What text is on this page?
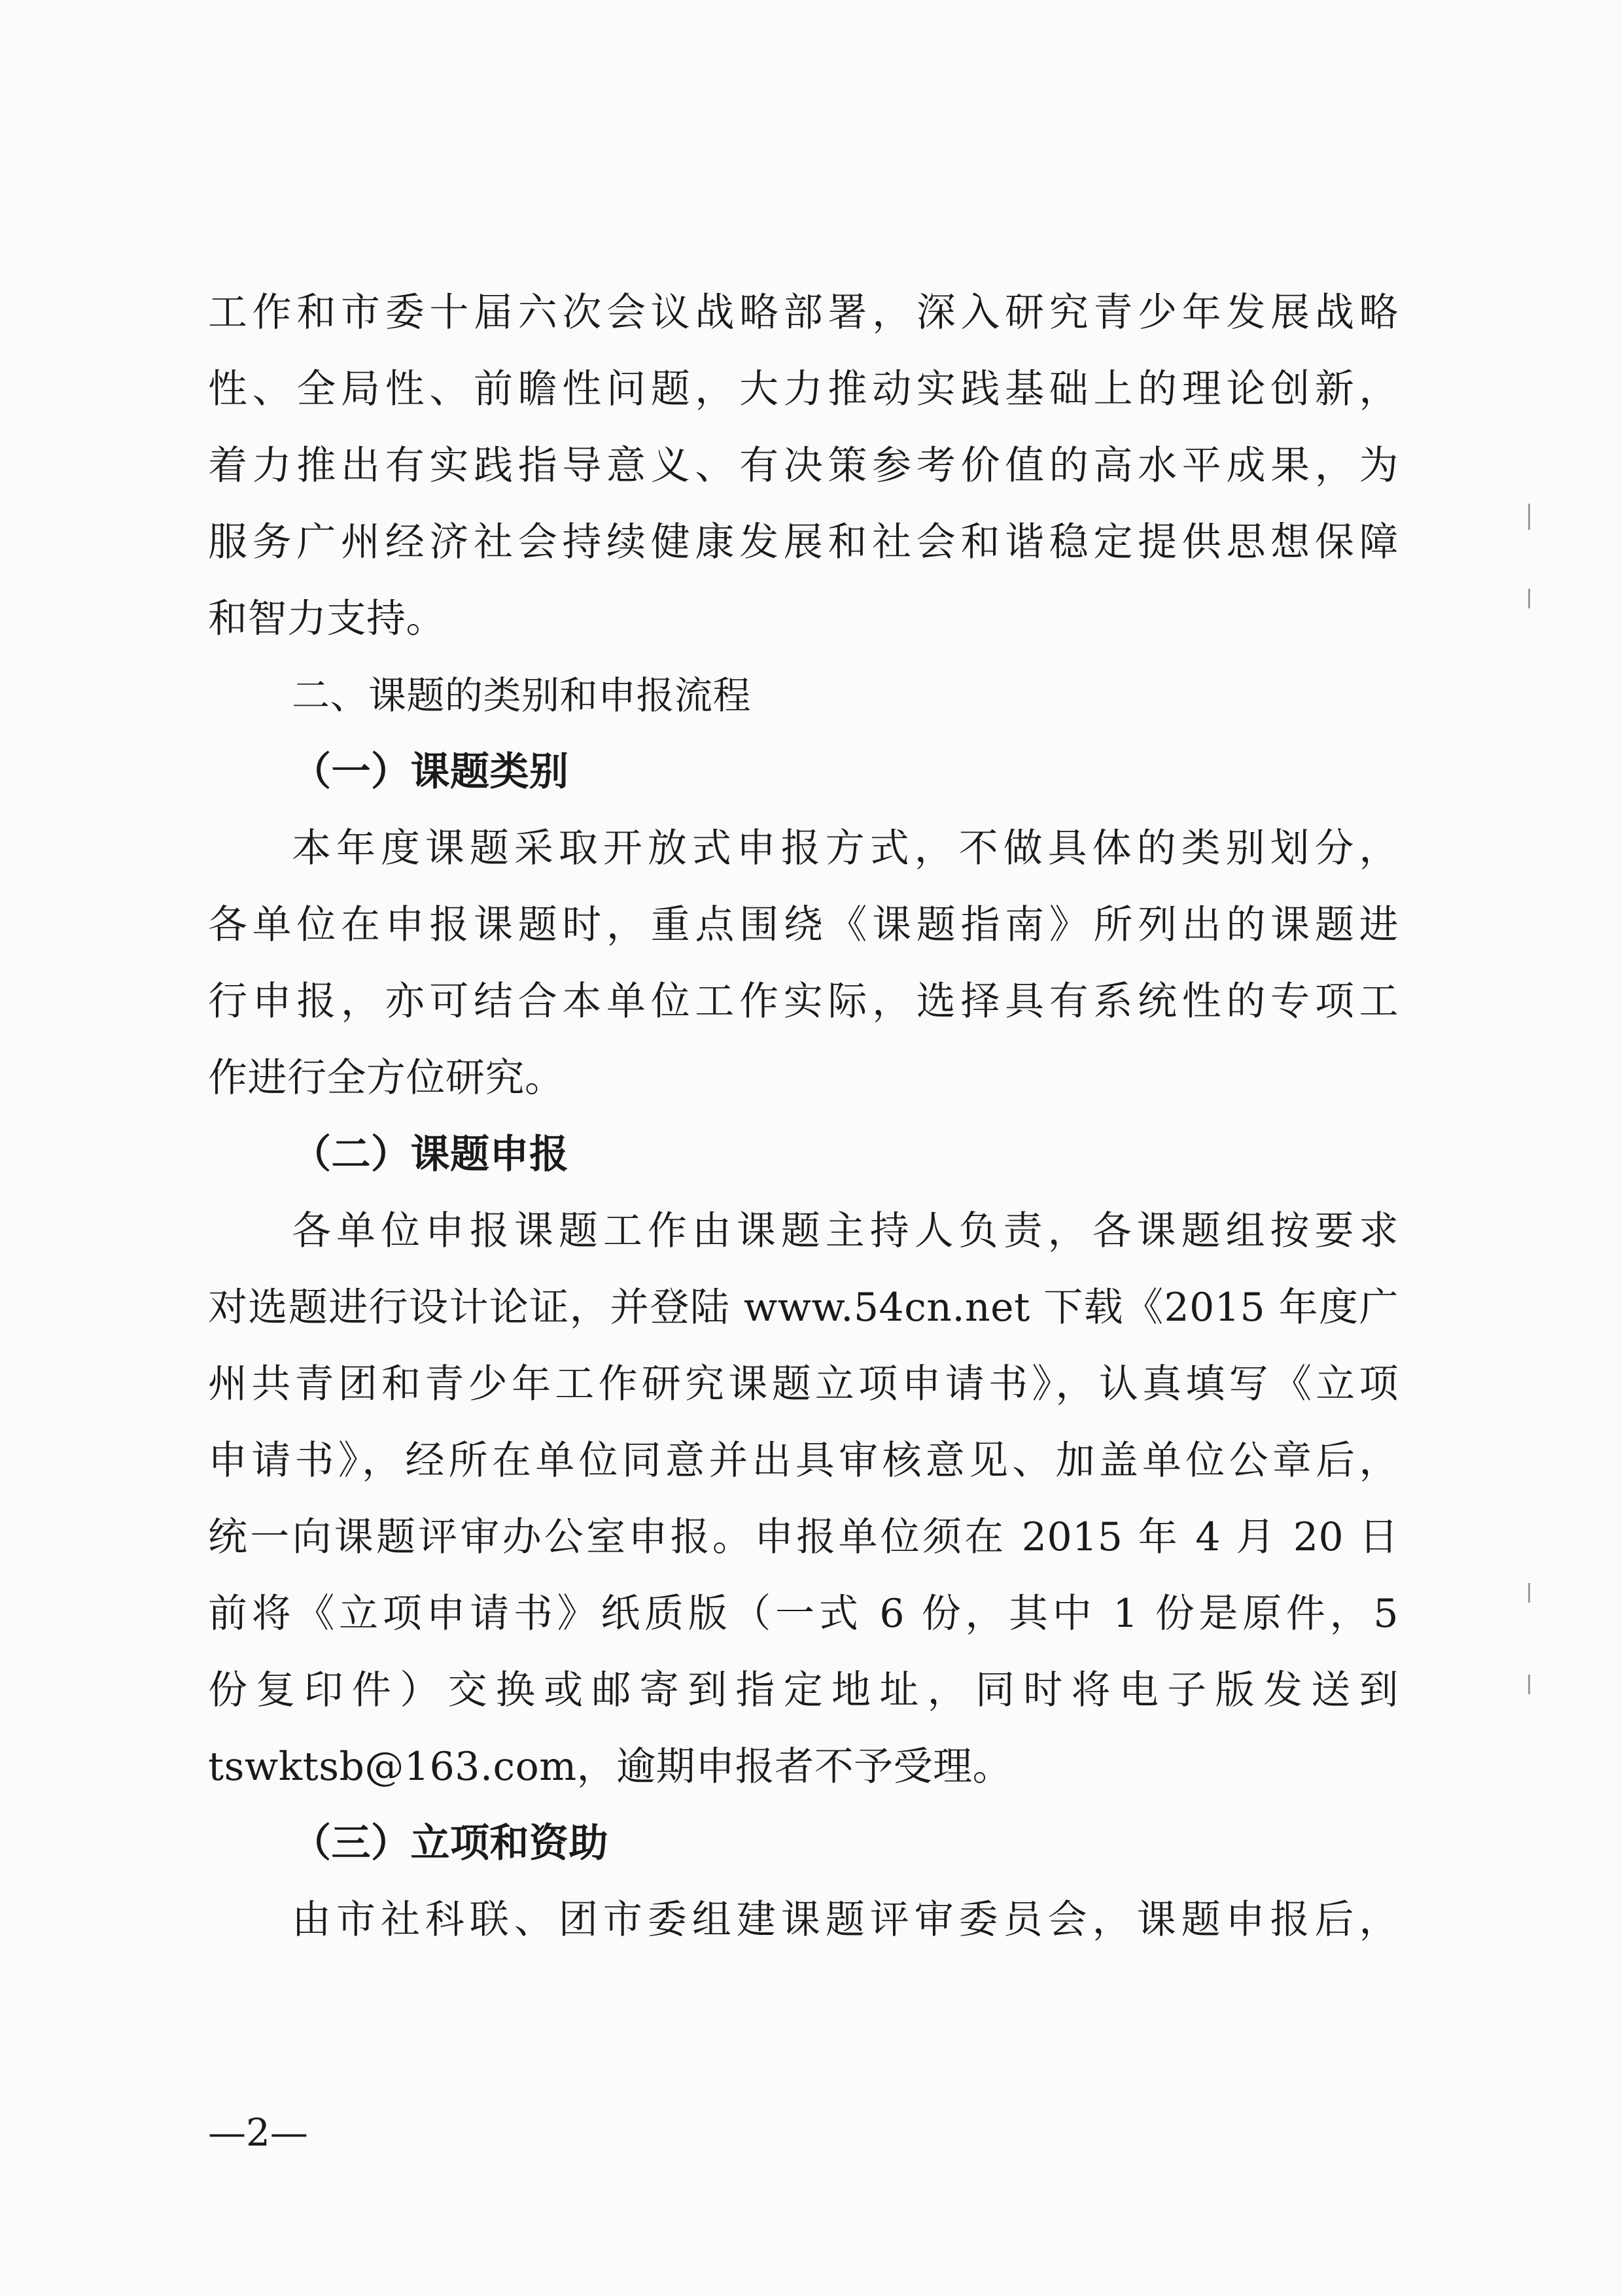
工作和市委十届六次会议战略部署，深入研究青少年发展战略
性、全局性、前瞻性问题，大力推动实践基础上的理论创新，
着力推出有实践指导意义、有决策参考价值的高水平成果，为
服务广州经济社会持续健康发展和社会和谐稳定提供思想保障
和智力支持。
二、课题的类别和申报流程
（一）课题类别
本年度课题采取开放式申报方式，不做具体的类别划分，
各单位在申报课题时，重点围绕《课题指南》所列出的课题进
行申报，亦可结合本单位工作实际，选择具有系统性的专项工
作进行全方位研究。
（二）课题申报
各单位申报课题工作由课题主持人负责，各课题组按要求
对选题进行设计论证，并登陆 www.54cn.net 下载《2015 年度广
州共青团和青少年工作研究课题立项申请书》，认真填写《立项
申请书》，经所在单位同意并出具审核意见、加盖单位公章后，
统一向课题评审办公室申报。申报单位须在 2015 年 4 月 20 日
前将《立项申请书》纸质版（一式 6 份，其中 1 份是原件，5
份复印件）交换或邮寄到指定地址，同时将电子版发送到
tswktsb@163.com，逾期申报者不予受理。
（三）立项和资助
由市社科联、团市委组建课题评审委员会，课题申报后，
—2—
